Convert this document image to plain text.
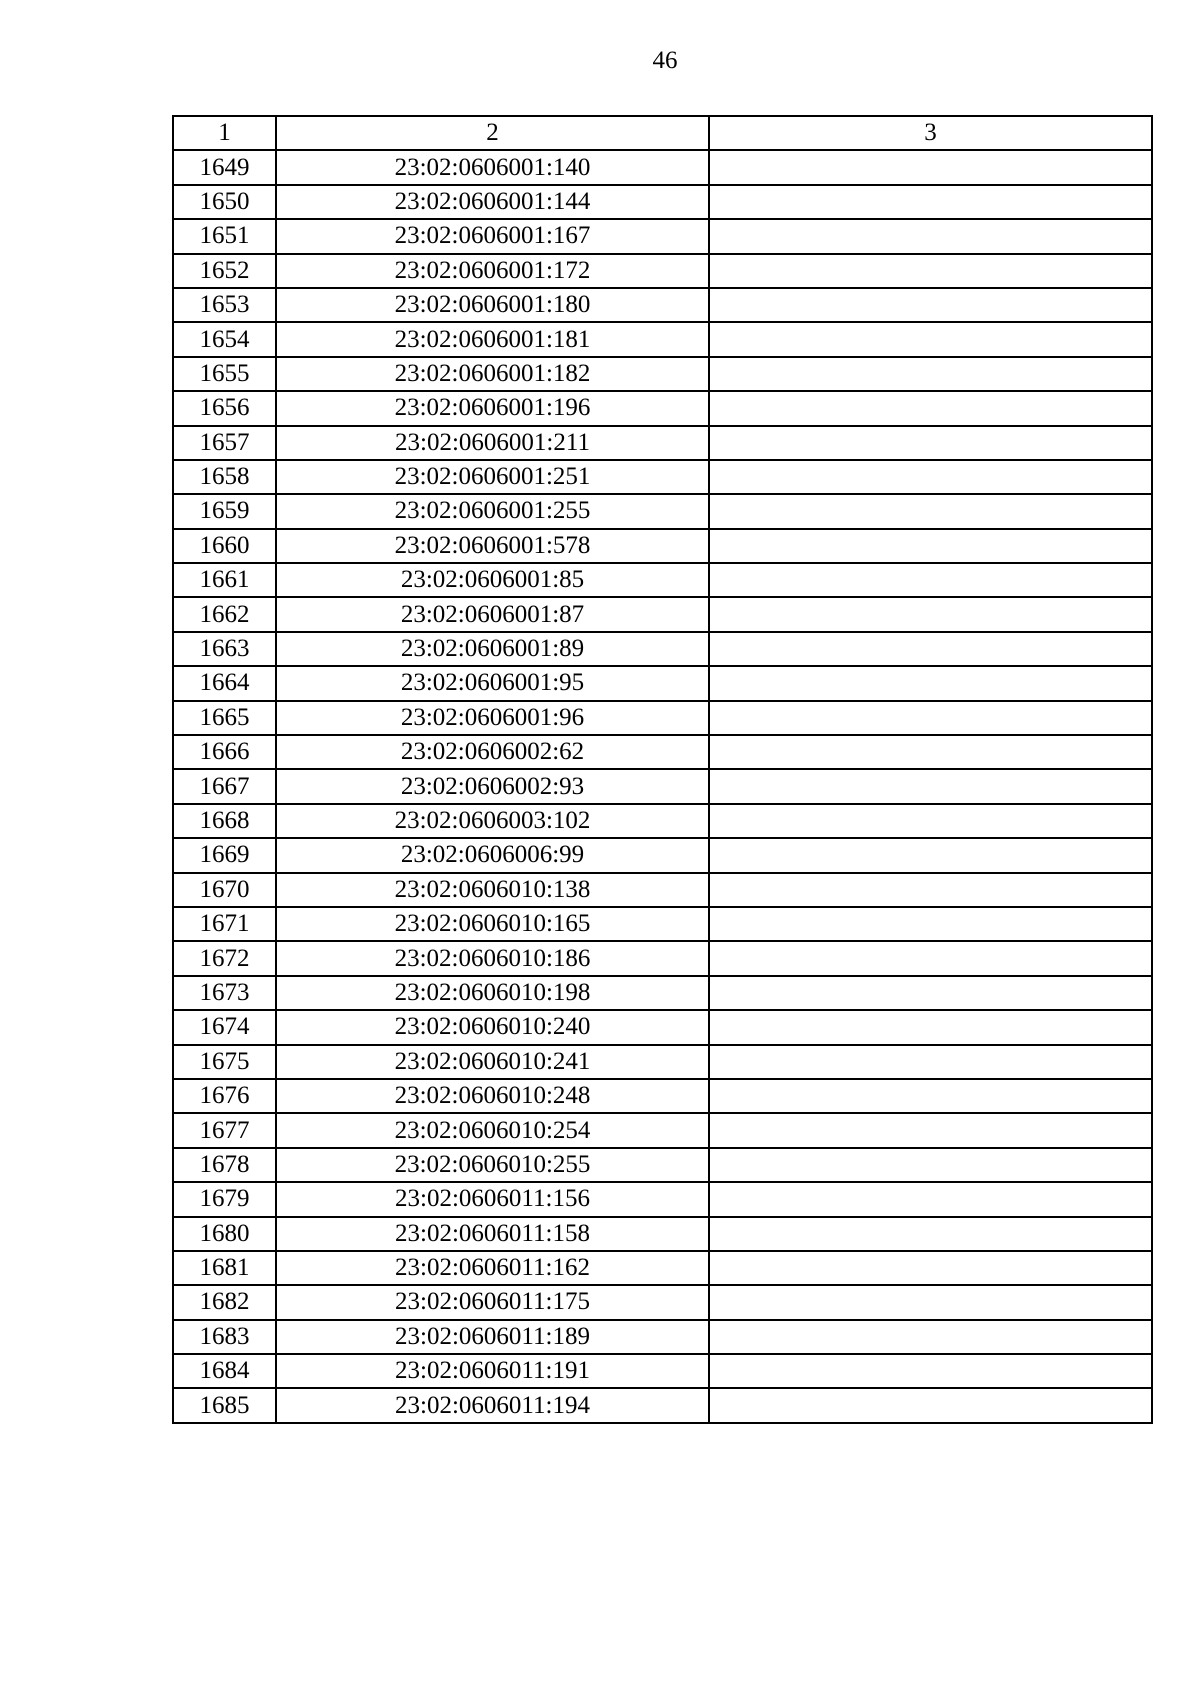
46
1	2	3
1649	23:02:0606001:140	
1650	23:02:0606001:144	
1651	23:02:0606001:167	
1652	23:02:0606001:172	
1653	23:02:0606001:180	
1654	23:02:0606001:181	
1655	23:02:0606001:182	
1656	23:02:0606001:196	
1657	23:02:0606001:211	
1658	23:02:0606001:251	
1659	23:02:0606001:255	
1660	23:02:0606001:578	
1661	23:02:0606001:85	
1662	23:02:0606001:87	
1663	23:02:0606001:89	
1664	23:02:0606001:95	
1665	23:02:0606001:96	
1666	23:02:0606002:62	
1667	23:02:0606002:93	
1668	23:02:0606003:102	
1669	23:02:0606006:99	
1670	23:02:0606010:138	
1671	23:02:0606010:165	
1672	23:02:0606010:186	
1673	23:02:0606010:198	
1674	23:02:0606010:240	
1675	23:02:0606010:241	
1676	23:02:0606010:248	
1677	23:02:0606010:254	
1678	23:02:0606010:255	
1679	23:02:0606011:156	
1680	23:02:0606011:158	
1681	23:02:0606011:162	
1682	23:02:0606011:175	
1683	23:02:0606011:189	
1684	23:02:0606011:191	
1685	23:02:0606011:194	
